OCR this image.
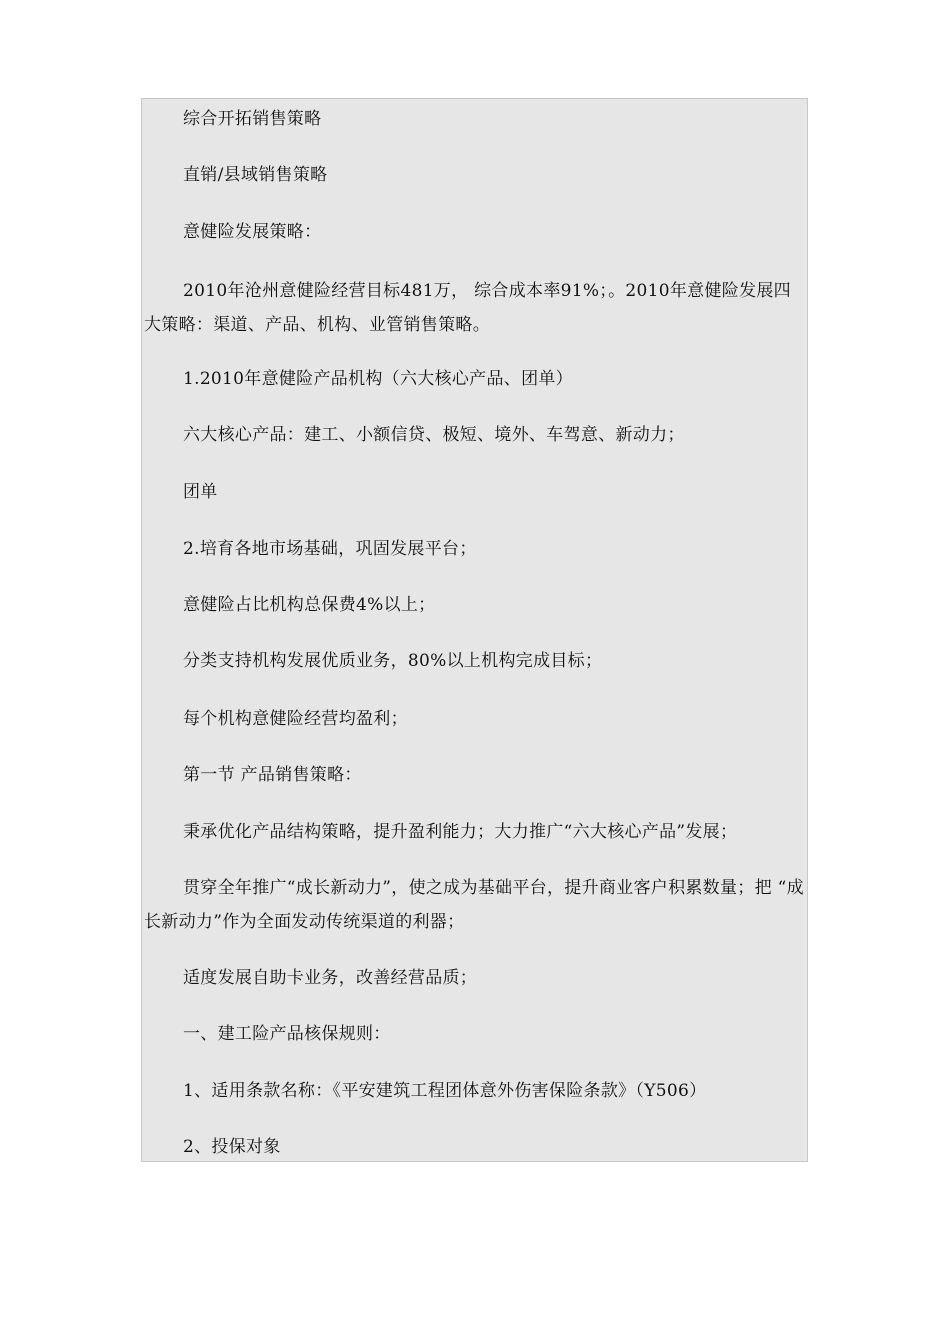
综合开拓销售策略

直销/县域销售策略

意健险发展策略：

2010年沧州意健险经营目标481万， 综合成本率91%；。2010年意健险发展四大策略：渠道、产品、机构、业管销售策略。

1.2010年意健险产品机构（六大核心产品、团单）

六大核心产品：建工、小额信贷、极短、境外、车驾意、新动力；

团单

2.培育各地市场基础，巩固发展平台；

意健险占比机构总保费4%以上；

分类支持机构发展优质业务，80%以上机构完成目标；

每个机构意健险经营均盈利；

第一节 产品销售策略：

秉承优化产品结构策略，提升盈利能力；大力推广“六大核心产品”发展；

贯穿全年推广“成长新动力”，使之成为基础平台，提升商业客户积累数量；把 “成长新动力”作为全面发动传统渠道的利器；

适度发展自助卡业务，改善经营品质；

一、建工险产品核保规则：

1、适用条款名称：《平安建筑工程团体意外伤害保险条款》（Y506）

2、投保对象
